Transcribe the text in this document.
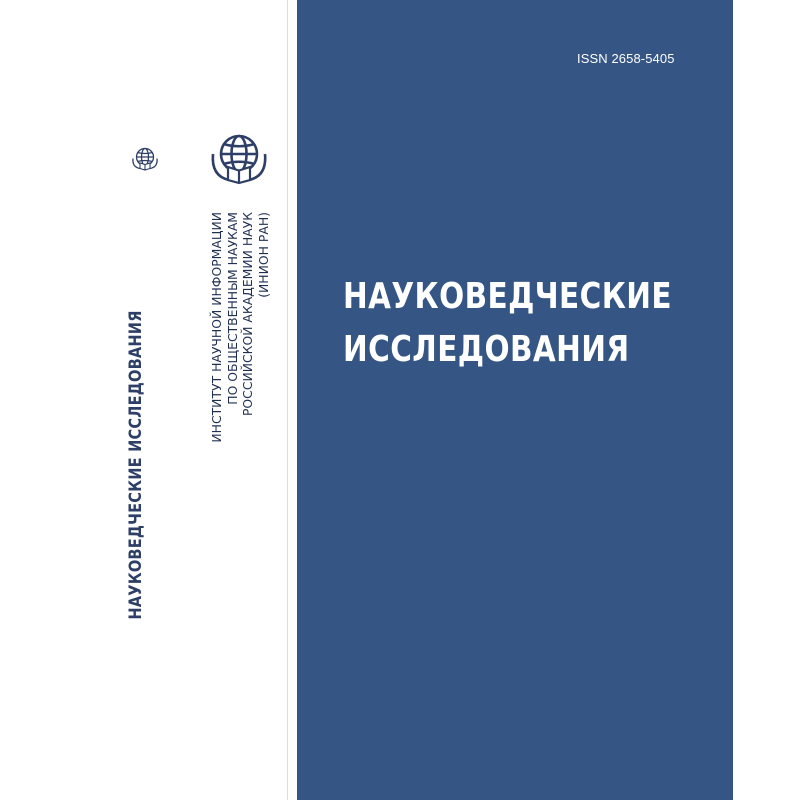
НАУКОВЕДЧЕСКИЕ ИССЛЕДОВАНИЯ	ИНСТИТУТ НАУЧНОЙ ИНФОРМАЦИИ ПО ОБЩЕСТВЕННЫМ НАУКАМ РОССИЙСКОЙ АКАДЕМИИ НАУК (ИНИОН РАН)
ISSN 2658-5405
НАУКОВЕДЧЕСКИЕ
ИССЛЕДОВАНИЯ
